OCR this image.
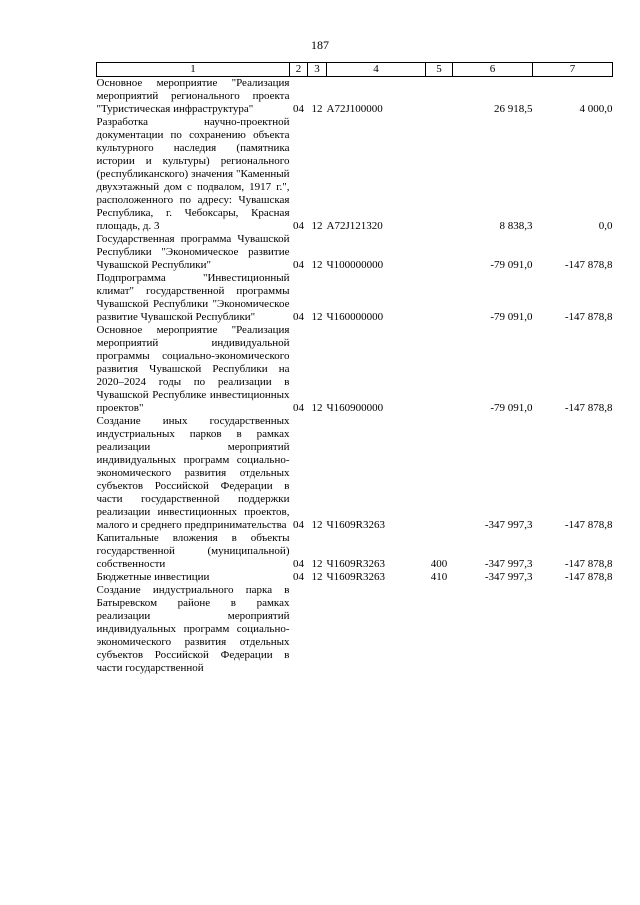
187
1	2	3	4	5	6	7
Основное мероприятие "Реализация мероприятий регионального проекта "Туристическая инфраструктура"	04	12	А72J100000		26 918,5	4 000,0
Разработка научно-проектной документации по сохранению объекта культурного наследия (памятника истории и культуры) регионального (республиканского) значения "Каменный двухэтажный дом с подвалом, 1917 г.", расположенного по адресу: Чувашская Республика, г. Чебоксары, Красная площадь, д. 3	04	12	А72J121320		8 838,3	0,0
Государственная программа Чувашской Республики "Экономическое развитие Чувашской Республики"	04	12	Ч100000000		-79 091,0	-147 878,8
Подпрограмма "Инвестиционный климат" государственной программы Чувашской Республики "Экономическое развитие Чувашской Республики"	04	12	Ч160000000		-79 091,0	-147 878,8
Основное мероприятие "Реализация мероприятий индивидуальной программы социально-экономического развития Чувашской Республики на 2020–2024 годы по реализации в Чувашской Республике инвестиционных проектов"	04	12	Ч160900000		-79 091,0	-147 878,8
Создание иных государственных индустриальных парков в рамках реализации мероприятий индивидуальных программ социально-экономического развития отдельных субъектов Российской Федерации в части государственной поддержки реализации инвестиционных проектов, малого и среднего предпринимательства	04	12	Ч1609R3263		-347 997,3	-147 878,8
Капитальные вложения в объекты государственной (муниципальной) собственности	04	12	Ч1609R3263	400	-347 997,3	-147 878,8
Бюджетные инвестиции	04	12	Ч1609R3263	410	-347 997,3	-147 878,8
Создание индустриального парка в Батыревском районе в рамках реализации мероприятий индивидуальных программ социально-экономического развития отдельных субъектов Российской Федерации в части государственной						
